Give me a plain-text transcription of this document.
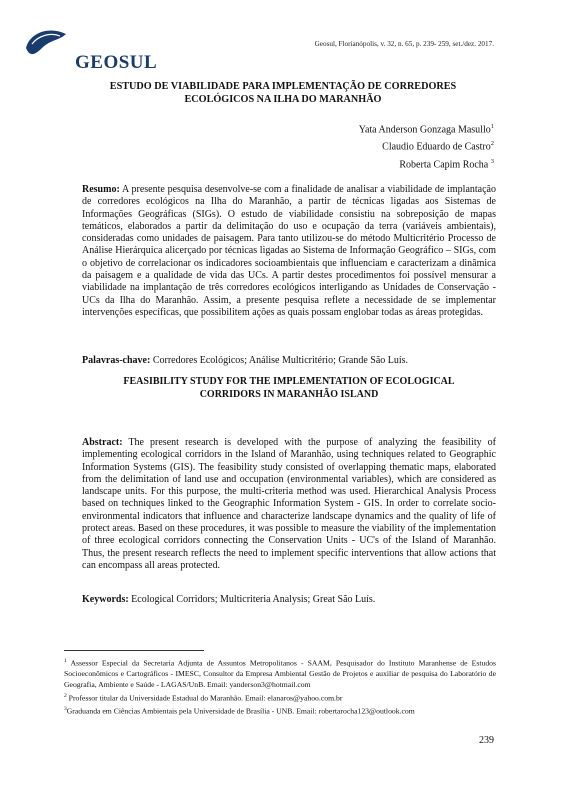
GEOSUL
Geosul, Florianópolis, v. 32, n. 65, p. 239- 259, set./dez. 2017.
ESTUDO DE VIABILIDADE PARA IMPLEMENTAÇÃO DE CORREDORES
ECOLÓGICOS NA ILHA DO MARANHÃO
Yata Anderson Gonzaga Masullo$^1$
Claudio Eduardo de Castro$^2$
Roberta Capim Rocha $^3$
Resumo: A presente pesquisa desenvolve-se com a finalidade de analisar a viabilidade de implantação de corredores ecológicos na Ilha do Maranhão, a partir de técnicas ligadas aos Sistemas de Informações Geográficas (SIGs). O estudo de viabilidade consistiu na sobreposição de mapas temáticos, elaborados a partir da delimitação do uso e ocupação da terra (variáveis ambientais), consideradas como unidades de paisagem. Para tanto utilizou-se do método Multicritério Processo de Análise Hierárquica alicerçado por técnicas ligadas ao Sistema de Informação Geográfico – SIGs, com o objetivo de correlacionar os indicadores socioambientais que influenciam e caracterizam a dinâmica da paisagem e a qualidade de vida das UCs. A partir destes procedimentos foi possível mensurar a viabilidade na implantação de três corredores ecológicos interligando as Unidades de Conservação - UCs da Ilha do Maranhão. Assim, a presente pesquisa reflete a necessidade de se implementar intervenções específicas, que possibilitem ações as quais possam englobar todas as áreas protegidas.
Palavras-chave: Corredores Ecológicos; Análise Multicritério; Grande São Luís.
FEASIBILITY STUDY FOR THE IMPLEMENTATION OF ECOLOGICAL
CORRIDORS IN MARANHÃO ISLAND
Abstract: The present research is developed with the purpose of analyzing the feasibility of implementing ecological corridors in the Island of Maranhão, using techniques related to Geographic Information Systems (GIS). The feasibility study consisted of overlapping thematic maps, elaborated from the delimitation of land use and occupation (environmental variables), which are considered as landscape units. For this purpose, the multi-criteria method was used. Hierarchical Analysis Process based on techniques linked to the Geographic Information System - GIS. In order to correlate socio-environmental indicators that influence and characterize landscape dynamics and the quality of life of protect areas. Based on these procedures, it was possible to measure the viability of the implementation of three ecological corridors connecting the Conservation Units - UC's of the Island of Maranhão. Thus, the present research reflects the need to implement specific interventions that allow actions that can encompass all areas protected.
Keywords: Ecological Corridors; Multicriteria Analysis; Great São Luís.

$^1$ Assessor Especial da Secretaria Adjunta de Assuntos Metropolitanos - SAAM, Pesquisador do Instituto Maranhense de Estudos Socioeconômicos e Cartográficos - IMESC, Consultor da Empresa Ambiental Gestão de Projetos e auxiliar de pesquisa do Laboratório de Geografia, Ambiente e Saúde - LAGAS/UnB. Email: yanderson3@hotmail.com

$^2$ Professor titular da Universidade Estadual do Maranhão. Email: elanaros@yahoo.com.br

$^3$Graduanda em Ciências Ambientais pela Universidade de Brasília - UNB. Email: robertarocha123@outlook.com

239
